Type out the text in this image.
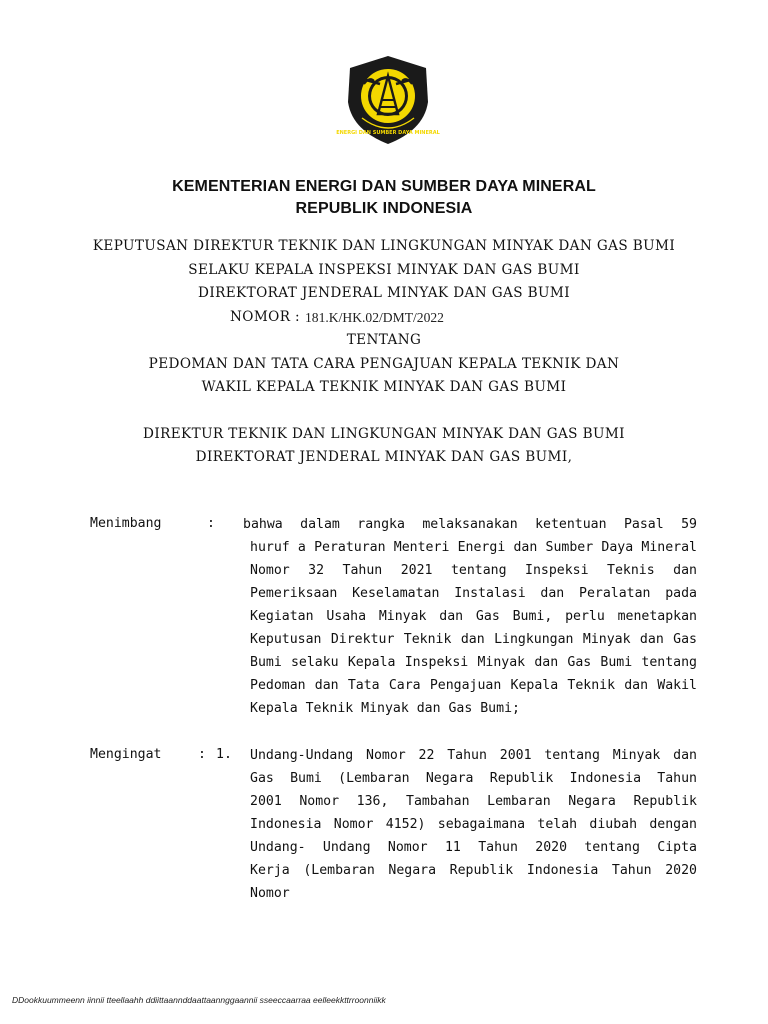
ENERGI DAN SUMBER DAYA MINERAL
KEMENTERIAN ENERGI DAN SUMBER DAYA MINERAL
REPUBLIK INDONESIA
KEPUTUSAN DIREKTUR TEKNIK DAN LINGKUNGAN MINYAK DAN GAS BUMI
SELAKU KEPALA INSPEKSI MINYAK DAN GAS BUMI
DIREKTORAT JENDERAL MINYAK DAN GAS BUMI
NOMOR : 181.K/HK.02/DMT/2022
TENTANG
PEDOMAN DAN TATA CARA PENGAJUAN KEPALA TEKNIK DAN
WAKIL KEPALA TEKNIK MINYAK DAN GAS BUMI
DIREKTUR TEKNIK DAN LINGKUNGAN MINYAK DAN GAS BUMI
DIREKTORAT JENDERAL MINYAK DAN GAS BUMI,
Menimbang	: bahwa dalam rangka melaksanakan ketentuan Pasal 59
huruf a Peraturan Menteri Energi dan Sumber Daya Mineral
Nomor 32 Tahun 2021 tentang Inspeksi Teknis dan
Pemeriksaan Keselamatan Instalasi dan Peralatan pada
Kegiatan Usaha Minyak dan Gas Bumi, perlu menetapkan
Keputusan Direktur Teknik dan Lingkungan Minyak dan Gas
Bumi selaku Kepala Inspeksi Minyak dan Gas Bumi tentang
Pedoman dan Tata Cara Pengajuan Kepala Teknik dan Wakil
Kepala Teknik Minyak dan Gas Bumi;
Mengingat	: 1. Undang-Undang Nomor 22 Tahun 2001 tentang Minyak dan
Gas Bumi (Lembaran Negara Republik Indonesia Tahun
2001 Nomor 136, Tambahan Lembaran Negara Republik
Indonesia Nomor 4152) sebagaimana telah diubah dengan
Undang- Undang Nomor 11 Tahun 2020 tentang Cipta
Kerja (Lembaran Negara Republik Indonesia Tahun 2020
Nomor
DDookkuummeenn iinnii tteellaahh ddiittaannddaattaannggaannii sseeccaarraa eelleekkttrroonniikk
